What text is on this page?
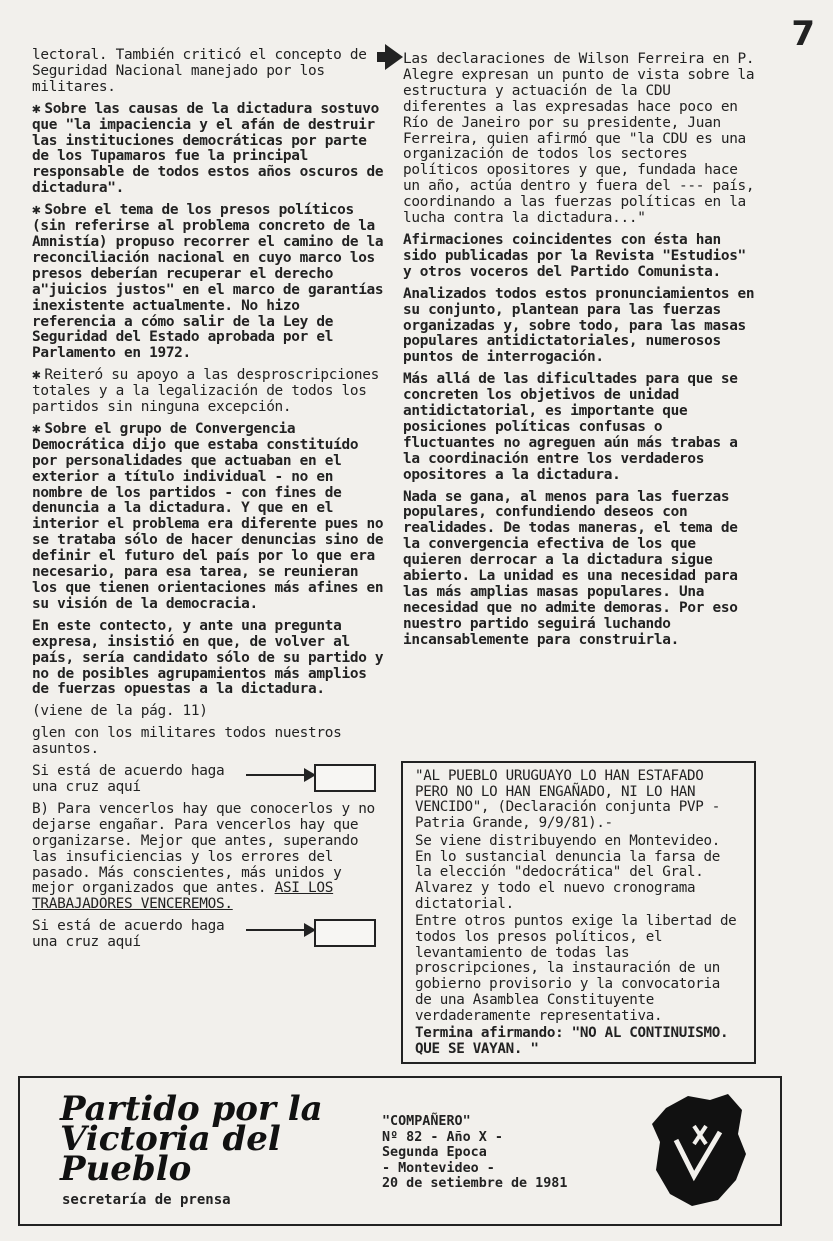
7

lectoral. También criticó el concepto de Seguridad Nacional manejado por los militares.

✱ Sobre las causas de la dictadura sostuvo que "la impaciencia y el afán de destruir las instituciones democráticas por parte de los Tupamaros fue la principal responsable de todos estos años oscuros de dictadura".

✱ Sobre el tema de los presos políticos (sin referirse al problema concreto de la Amnistía) propuso recorrer el camino de la reconciliación nacional en cuyo marco los presos deberían recuperar el derecho a"juicios justos" en el marco de garantías inexistente actualmente. No hizo referencia a cómo salir de la Ley de Seguridad del Estado aprobada por el Parlamento en 1972.

✱ Reiteró su apoyo a las desproscripciones totales y a la legalización de todos los partidos sin ninguna excepción.

✱ Sobre el grupo de Convergencia Democrática dijo que estaba constituído por personalidades que actuaban en el exterior a título individual - no en nombre de los partidos - con fines de denuncia a la dictadura. Y que en el interior el problema era diferente pues no se trataba sólo de hacer denuncias sino de definir el futuro del país por lo que era necesario, para esa tarea, se reunieran los que tienen orientaciones más afines en su visión de la democracia.

En este contecto, y ante una pregunta expresa, insistió en que, de volver al país, sería candidato sólo de su partido y no de posibles agrupamientos más amplios de fuerzas opuestas a la dictadura.

(viene de la pág. 11)

glen con los militares todos nuestros asuntos.

Si está de acuerdo haga una cruz aquí

B) Para vencerlos hay que conocerlos y no dejarse engañar. Para vencerlos hay que organizarse. Mejor que antes, superando las insuficiencias y los errores del pasado. Más conscientes, más unidos y mejor organizados que antes. ASI LOS TRABAJADORES VENCEREMOS.

Si está de acuerdo haga una cruz aquí

Las declaraciones de Wilson Ferreira en P. Alegre expresan un punto de vista sobre la estructura y actuación de la CDU diferentes a las expresadas hace poco en Río de Janeiro por su presidente, Juan Ferreira, quien afirmó que "la CDU es una organización de todos los sectores políticos opositores y que, fundada hace un año, actúa dentro y fuera del --- país, coordinando a las fuerzas políticas en la lucha contra la dictadura..."

Afirmaciones coincidentes con ésta han sido publicadas por la Revista "Estudios" y otros voceros del Partido Comunista.

Analizados todos estos pronunciamientos en su conjunto, plantean para las fuerzas organizadas y, sobre todo, para las masas populares antidictatoriales, numerosos puntos de interrogación.

Más allá de las dificultades para que se concreten los objetivos de unidad antidictatorial, es importante que posiciones políticas confusas o fluctuantes no agreguen aún más trabas a la coordinación entre los verdaderos opositores a la dictadura.

Nada se gana, al menos para las fuerzas populares, confundiendo deseos con realidades. De todas maneras, el tema de la convergencia efectiva de los que quieren derrocar a la dictadura sigue abierto. La unidad es una necesidad para las más amplias masas populares. Una necesidad que no admite demoras. Por eso nuestro partido seguirá luchando incansablemente para construirla.

"AL PUEBLO URUGUAYO LO HAN ESTAFADO PERO NO LO HAN ENGAÑADO, NI LO HAN VENCIDO", (Declaración conjunta PVP - Patria Grande, 9/9/81).-

Se viene distribuyendo en Montevideo. En lo sustancial denuncia la farsa de la elección "dedocrática" del Gral. Alvarez y todo el nuevo cronograma dictatorial.

Entre otros puntos exige la libertad de todos los presos políticos, el levantamiento de todas las proscripciones, la instauración de un gobierno provisorio y la convocatoria de una Asamblea Constituyente verdaderamente representativa.

Termina afirmando: "NO AL CONTINUISMO. QUE SE VAYAN. "

Partido por la
Victoria del
Pueblo
secretaría de prensa
"COMPAÑERO"
Nº 82 - Año X -
Segunda Epoca
- Montevideo -
20 de setiembre de 1981
